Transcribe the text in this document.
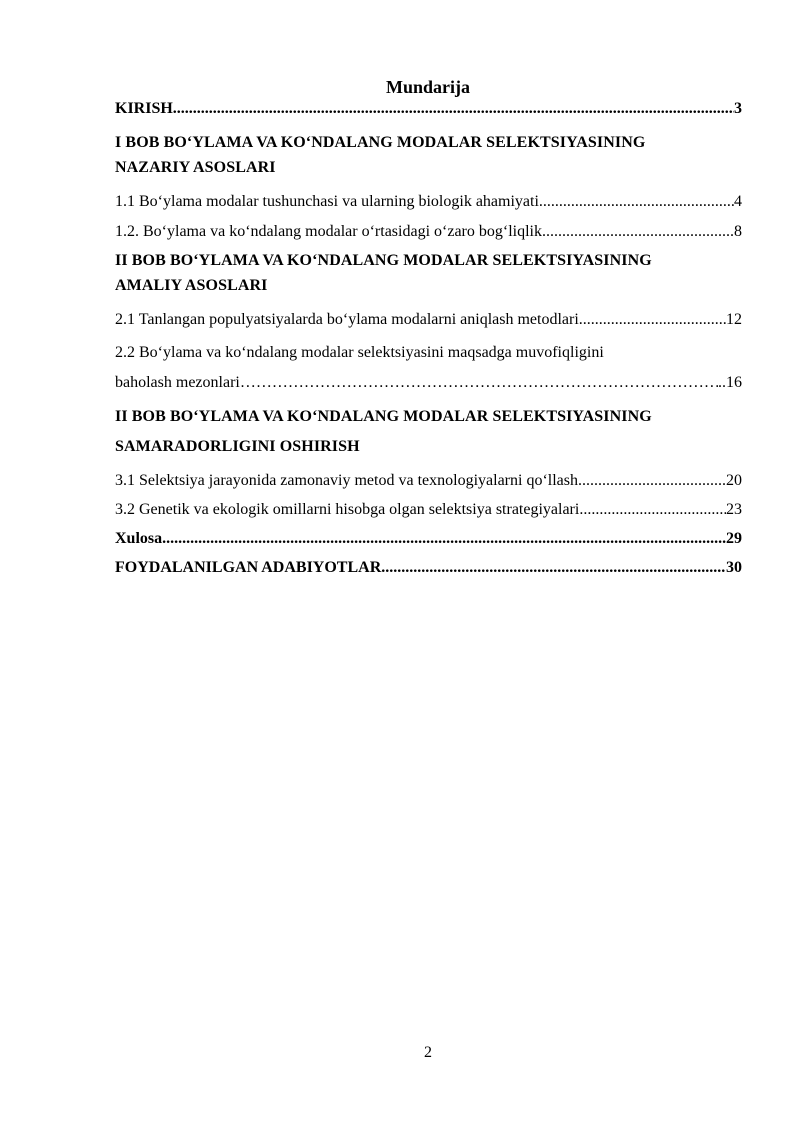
Mundarija
KIRISH .....	3
I BOB BO‘YLAMA VA KO‘NDALANG MODALAR SELEKTSIYASINING
NAZARIY ASOSLARI
1.1 Bo‘ylama modalar tushunchasi va ularning biologik ahamiyati .....	4
1.2. Bo‘ylama va ko‘ndalang modalar o‘rtasidagi o‘zaro bog‘liqlik .....	8
II BOB BO‘YLAMA VA KO‘NDALANG MODALAR SELEKTSIYASINING
AMALIY ASOSLARI
2.1 Tanlangan populyatsiyalarda bo‘ylama modalarni aniqlash metodlari .....	12
2.2 Bo‘ylama va ko‘ndalang modalar selektsiyasini maqsadga muvofiqligini
baholash mezonlari ……………………………………………………………………………………………………………………………………………………	..16
II BOB BO‘YLAMA VA KO‘NDALANG MODALAR SELEKTSIYASINING
SAMARADORLIGINI OSHIRISH
3.1 Selektsiya jarayonida zamonaviy metod va texnologiyalarni qo‘llash .....	20
3.2 Genetik va ekologik omillarni hisobga olgan selektsiya strategiyalari .....	23
Xulosa .....	29
FOYDALANILGAN ADABIYOTLAR .....	30
2
